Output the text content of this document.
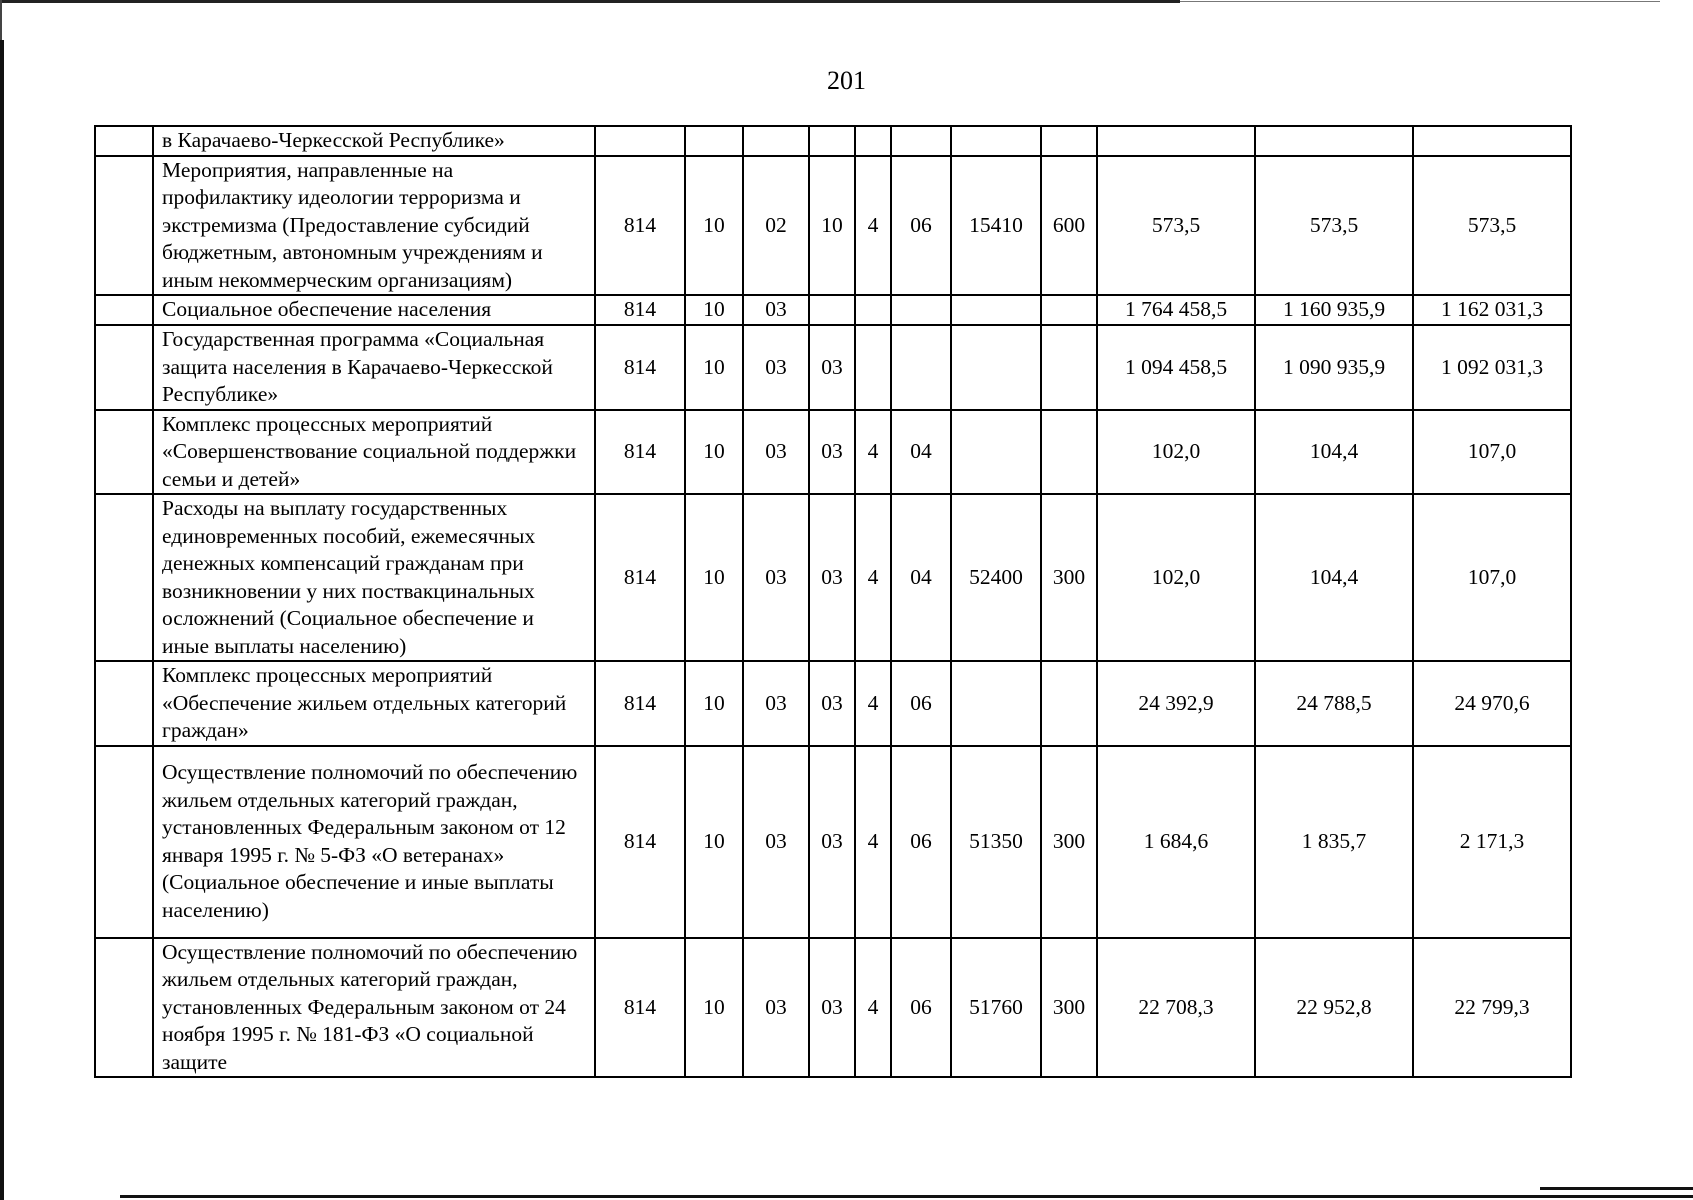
201
	в Карачаево-Черкесской Республике»											
	Мероприятия, направленные на профилактику идеологии терроризма и экстремизма (Предоставление субсидий бюджетным, автономным учреждениям и иным некоммерческим организациям)	814	10	02	10	4	06	15410	600	573,5	573,5	573,5
	Социальное обеспечение населения	814	10	03						1 764 458,5	1 160 935,9	1 162 031,3
	Государственная программа «Социальная защита населения в Карачаево-Черкесской Республике»	814	10	03	03					1 094 458,5	1 090 935,9	1 092 031,3
	Комплекс процессных мероприятий «Совершенствование социальной поддержки семьи и детей»	814	10	03	03	4	04			102,0	104,4	107,0
	Расходы на выплату государственных единовременных пособий, ежемесячных денежных компенсаций гражданам при возникновении у них поствакцинальных осложнений (Социальное обеспечение и иные выплаты населению)	814	10	03	03	4	04	52400	300	102,0	104,4	107,0
	Комплекс процессных мероприятий «Обеспечение жильем отдельных категорий граждан»	814	10	03	03	4	06			24 392,9	24 788,5	24 970,6
	Осуществление полномочий по обеспечению жильем отдельных категорий граждан, установленных Федеральным законом от 12 января 1995 г. № 5-ФЗ «О ветеранах» (Социальное обеспечение и иные выплаты населению)	814	10	03	03	4	06	51350	300	1 684,6	1 835,7	2 171,3
	Осуществление полномочий по обеспечению жильем отдельных категорий граждан, установленных Федеральным законом от 24 ноября 1995 г. № 181-ФЗ «О социальной защите	814	10	03	03	4	06	51760	300	22 708,3	22 952,8	22 799,3
